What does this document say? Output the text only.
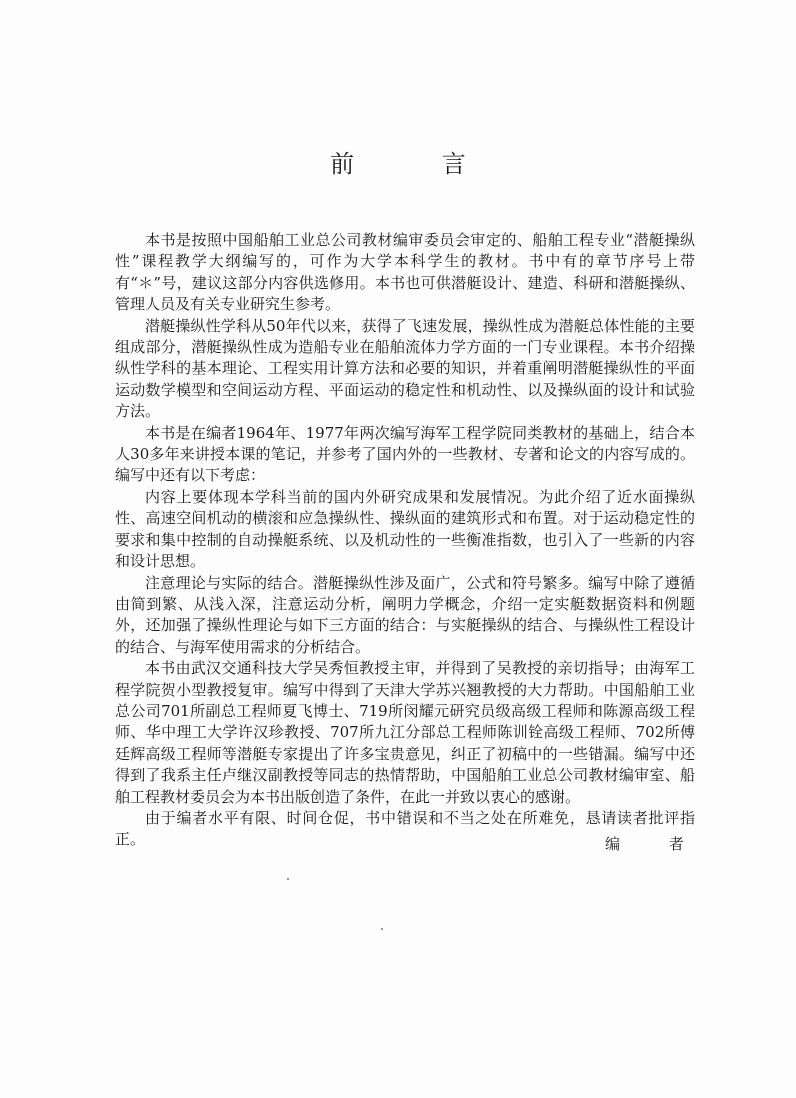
前 言

本书是按照中国船舶工业总公司教材编审委员会审定的、船舶工程专业“潜艇操纵性”课程教学大纲编写的，可作为大学本科学生的教材。书中有的章节序号上带有“＊”号，建议这部分内容供选修用。本书也可供潜艇设计、建造、科研和潜艇操纵、管理人员及有关专业研究生参考。

潜艇操纵性学科从50年代以来，获得了飞速发展，操纵性成为潜艇总体性能的主要组成部分，潜艇操纵性成为造船专业在船舶流体力学方面的一门专业课程。本书介绍操纵性学科的基本理论、工程实用计算方法和必要的知识，并着重阐明潜艇操纵性的平面运动数学模型和空间运动方程、平面运动的稳定性和机动性、以及操纵面的设计和试验方法。

本书是在编者1964年、1977年两次编写海军工程学院同类教材的基础上，结合本人30多年来讲授本课的笔记，并参考了国内外的一些教材、专著和论文的内容写成的。编写中还有以下考虑：

内容上要体现本学科当前的国内外研究成果和发展情况。为此介绍了近水面操纵性、高速空间机动的横滚和应急操纵性、操纵面的建筑形式和布置。对于运动稳定性的要求和集中控制的自动操艇系统、以及机动性的一些衡准指数，也引入了一些新的内容和设计思想。

注意理论与实际的结合。潜艇操纵性涉及面广，公式和符号繁多。编写中除了遵循由简到繁、从浅入深，注意运动分析，阐明力学概念，介绍一定实艇数据资料和例题外，还加强了操纵性理论与如下三方面的结合：与实艇操纵的结合、与操纵性工程设计的结合、与海军使用需求的分析结合。

本书由武汉交通科技大学吴秀恒教授主审，并得到了吴教授的亲切指导；由海军工程学院贺小型教授复审。编写中得到了天津大学苏兴翘教授的大力帮助。中国船舶工业总公司701所副总工程师夏飞博士、719所闵耀元研究员级高级工程师和陈源高级工程师、华中理工大学许汉珍教授、707所九江分部总工程师陈训铨高级工程师、702所傅廷辉高级工程师等潜艇专家提出了许多宝贵意见，纠正了初稿中的一些错漏。编写中还得到了我系主任卢继汉副教授等同志的热情帮助，中国船舶工业总公司教材编审室、船舶工程教材委员会为本书出版创造了条件，在此一并致以衷心的感谢。

由于编者水平有限、时间仓促，书中错误和不当之处在所难免，恳请读者批评指正。	编 者
